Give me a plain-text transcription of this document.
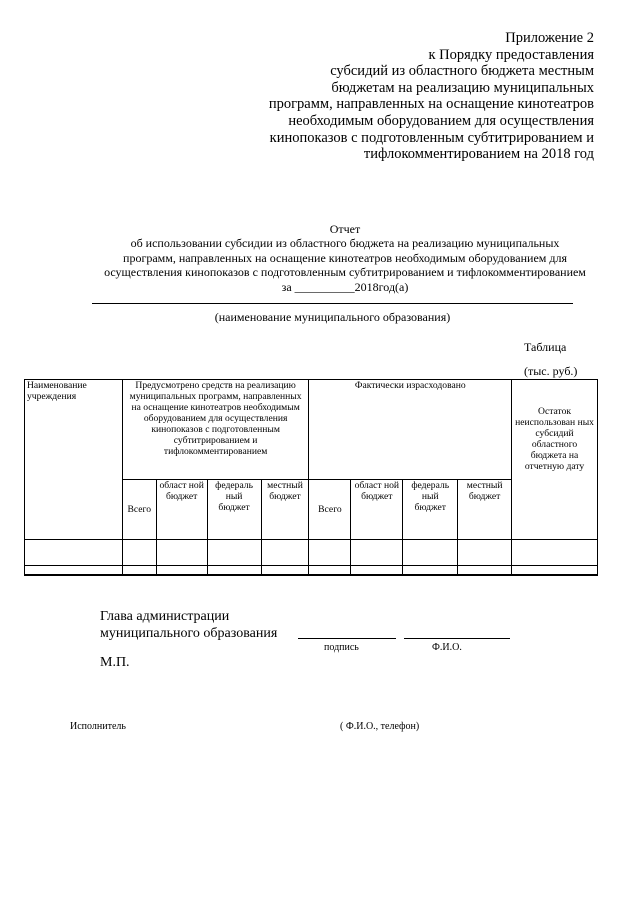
Приложение 2
к Порядку предоставления
субсидий из областного бюджета местным
бюджетам на реализацию муниципальных
программ, направленных на оснащение кинотеатров
необходимым оборудованием для осуществления
кинопоказов с подготовленным субтитрированием и
тифлокомментированием на 2018 год
Отчет
об использовании субсидии из областного бюджета на реализацию муниципальных
программ, направленных на оснащение кинотеатров необходимым оборудованием для
осуществления кинопоказов с подготовленным субтитрированием и тифлокомментированием
за __________2018год(а)
(наименование муниципального образования)
Таблица
(тыс. руб.)
Наименование учреждения	Предусмотрено средств на реализацию муниципальных программ, направленных на оснащение кинотеатров необходимым оборудованием для осуществления кинопоказов с подготовленным субтитрированием и тифлокомментированием				Фактически израсходовано				Остаток неиспользован ных субсидий областного бюджета на отчетную дату
	Всего	област ной бюджет	федераль ный бюджет	местный бюджет	Всего	област ной бюджет	федераль ный бюджет	местный бюджет	

Глава администрации
муниципального образования
подпись	Ф.И.О.
М.П.
Исполнитель	( Ф.И.О., телефон)
